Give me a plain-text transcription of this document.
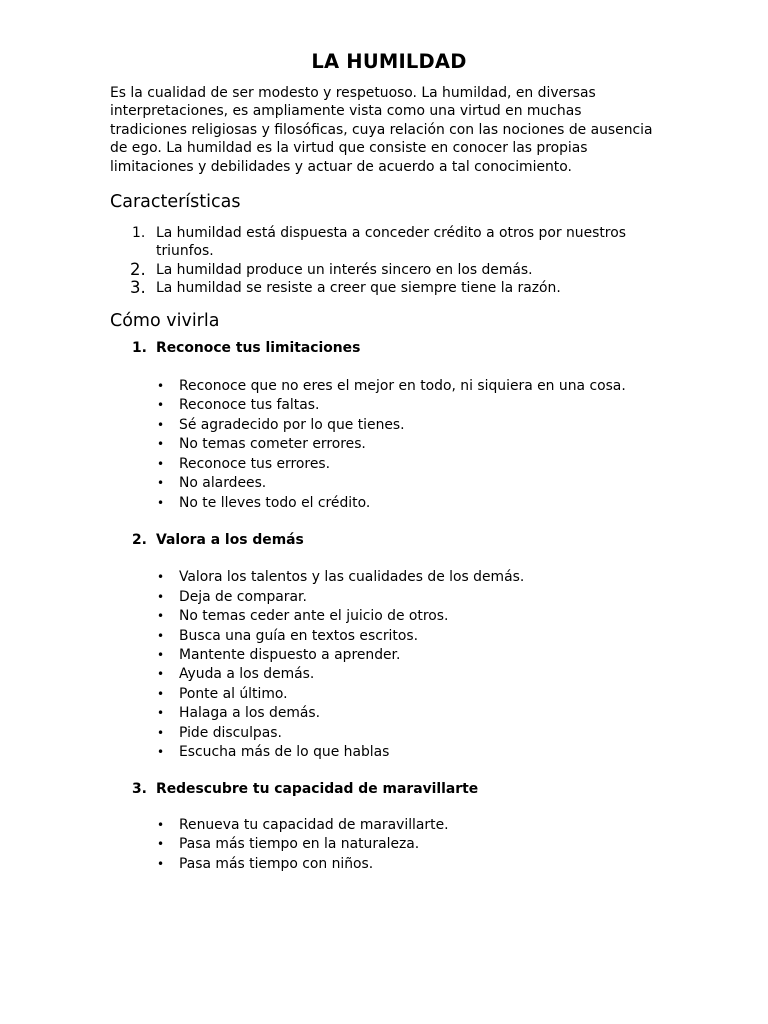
LA HUMILDAD

Es la cualidad de ser modesto y respetuoso. La humildad, en diversas interpretaciones, es ampliamente vista como una virtud en muchas tradiciones religiosas y filosóficas, cuya relación con las nociones de ausencia de ego. La humildad es la virtud que consiste en conocer las propias limitaciones y debilidades y actuar de acuerdo a tal conocimiento.

Características
1. La humildad está dispuesta a conceder crédito a otros por nuestros triunfos.
2. La humildad produce un interés sincero en los demás.
3. La humildad se resiste a creer que siempre tiene la razón.
Cómo vivirla

1. Reconoce tus limitaciones

• Reconoce que no eres el mejor en todo, ni siquiera en una cosa.
• Reconoce tus faltas.
• Sé agradecido por lo que tienes.
• No temas cometer errores.
• Reconoce tus errores.
• No alardees.
• No te lleves todo el crédito.

2. Valora a los demás

• Valora los talentos y las cualidades de los demás.
• Deja de comparar.
• No temas ceder ante el juicio de otros.
• Busca una guía en textos escritos.
• Mantente dispuesto a aprender.
• Ayuda a los demás.
• Ponte al último.
• Halaga a los demás.
• Pide disculpas.
• Escucha más de lo que hablas

3. Redescubre tu capacidad de maravillarte

• Renueva tu capacidad de maravillarte.
• Pasa más tiempo en la naturaleza.
• Pasa más tiempo con niños.
